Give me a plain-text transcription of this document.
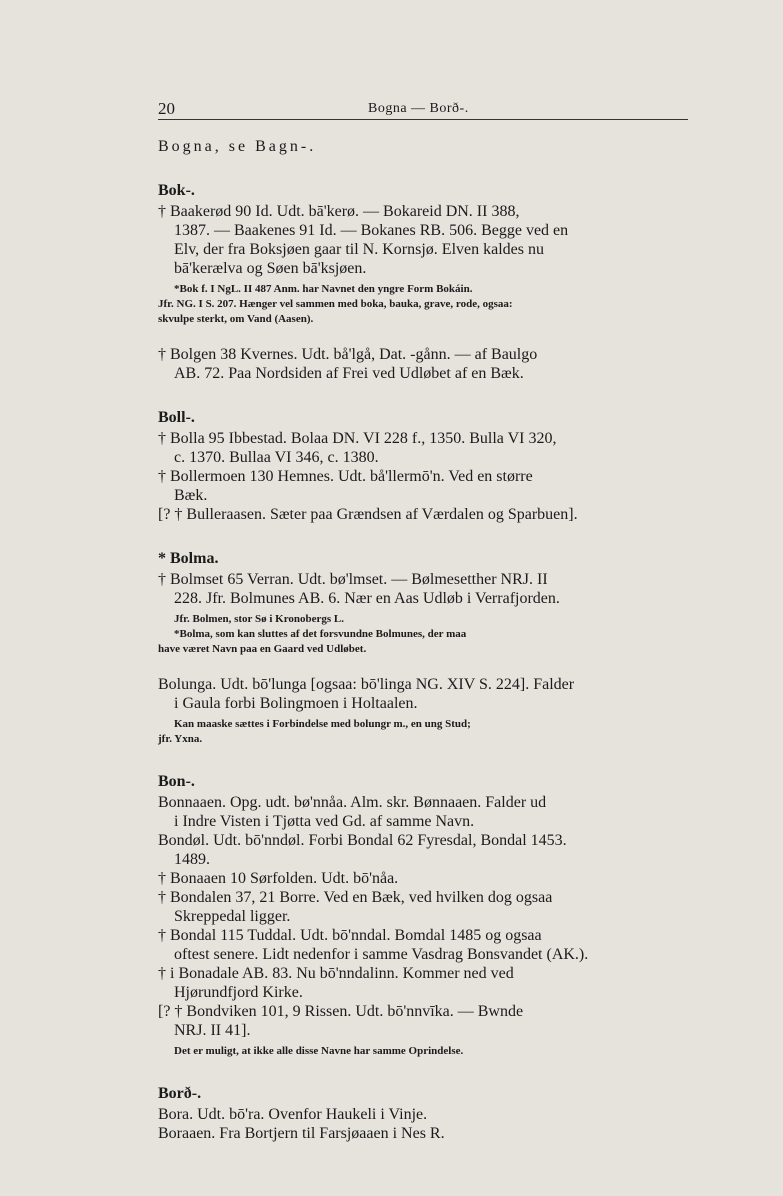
20	Bogna — Borð-.

Bogna, se Bagn-.

Bok-.

† Baakerød 90 Id. Udt. bā'kerø. — Bokareid DN. II 388,

1387. — Baakenes 91 Id. — Bokanes RB. 506. Begge ved en

Elv, der fra Boksjøen gaar til N. Kornsjø. Elven kaldes nu

bā'kerælva og Søen bā'ksjøen.

*Bok f. I NgL. II 487 Anm. har Navnet den yngre Form Bokáin.

Jfr. NG. I S. 207. Hænger vel sammen med boka, bauka, grave, rode, ogsaa:

skvulpe sterkt, om Vand (Aasen).

† Bolgen 38 Kvernes. Udt. bå'lgå, Dat. -gånn. — af Baulgo

AB. 72. Paa Nordsiden af Frei ved Udløbet af en Bæk.

Boll-.

† Bolla 95 Ibbestad. Bolaa DN. VI 228 f., 1350. Bulla VI 320,

c. 1370. Bullaa VI 346, c. 1380.

† Bollermoen 130 Hemnes. Udt. bå'llermō'n. Ved en større

Bæk.

[? † Bulleraasen. Sæter paa Grændsen af Værdalen og Sparbuen].

* Bolma.

† Bolmset 65 Verran. Udt. bø'lmset. — Bølmesetther NRJ. II

228. Jfr. Bolmunes AB. 6. Nær en Aas Udløb i Verrafjorden.

Jfr. Bolmen, stor Sø i Kronobergs L.

*Bolma, som kan sluttes af det forsvundne Bolmunes, der maa

have været Navn paa en Gaard ved Udløbet.

Bolunga. Udt. bō'lunga [ogsaa: bō'linga NG. XIV S. 224]. Falder

i Gaula forbi Bolingmoen i Holtaalen.

Kan maaske sættes i Forbindelse med bolungr m., en ung Stud;

jfr. Yxna.

Bon-.

Bonnaaen. Opg. udt. bø'nnåa. Alm. skr. Bønnaaen. Falder ud

i Indre Visten i Tjøtta ved Gd. af samme Navn.

Bondøl. Udt. bō'nndøl. Forbi Bondal 62 Fyresdal, Bondal 1453.

1489.

† Bonaaen 10 Sørfolden. Udt. bō'nåa.

† Bondalen 37, 21 Borre. Ved en Bæk, ved hvilken dog ogsaa

Skreppedal ligger.

† Bondal 115 Tuddal. Udt. bō'nndal. Bomdal 1485 og ogsaa

oftest senere. Lidt nedenfor i samme Vasdrag Bonsvandet (AK.).

† i Bonadale AB. 83. Nu bō'nndalinn. Kommer ned ved

Hjørundfjord Kirke.

[? † Bondviken 101, 9 Rissen. Udt. bō'nnvīka. — Bwnde

NRJ. II 41].

Det er muligt, at ikke alle disse Navne har samme Oprindelse.

Borð-.

Bora. Udt. bō'ra. Ovenfor Haukeli i Vinje.

Boraaen. Fra Bortjern til Farsjøaaen i Nes R.
